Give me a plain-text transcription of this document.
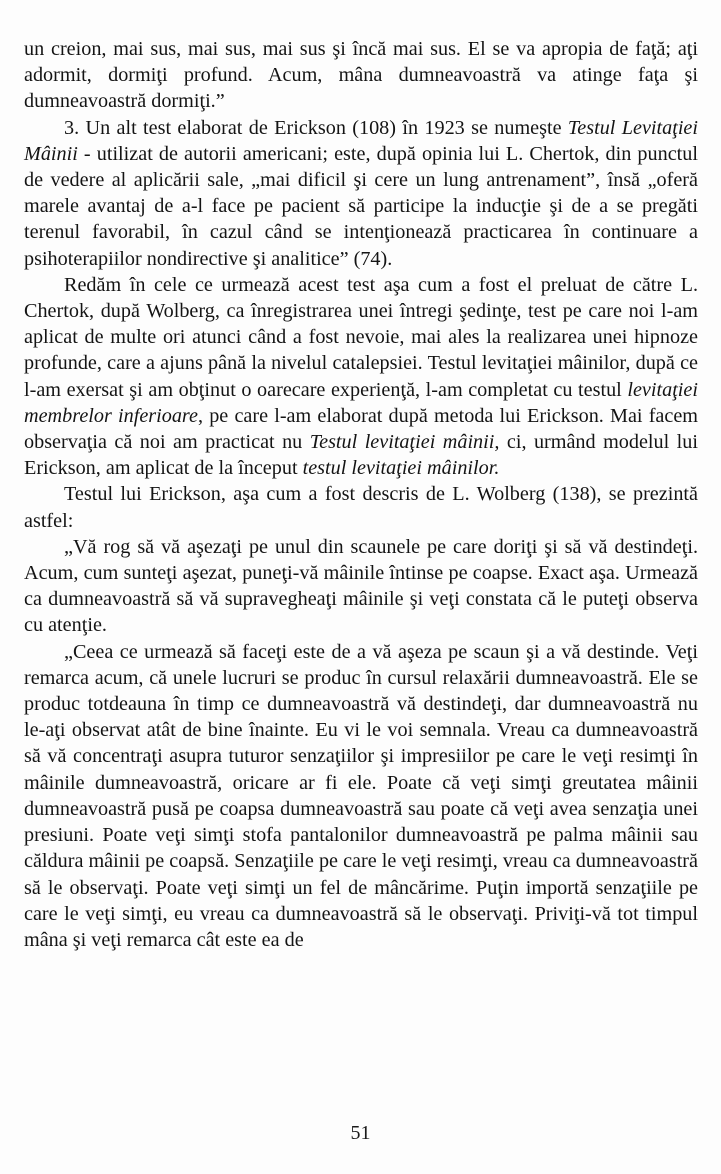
un creion, mai sus, mai sus, mai sus şi încă mai sus. El se va apropia de faţă; aţi adormit, dormiţi profund. Acum, mâna dumneavoastră va atinge faţa şi dumneavoastră dormiţi.”

3. Un alt test elaborat de Erickson (108) în 1923 se numeşte Testul Levitaţiei Mâinii - utilizat de autorii americani; este, după opinia lui L. Chertok, din punctul de vedere al aplicării sale, „mai dificil şi cere un lung antrenament”, însă „oferă marele avantaj de a-l face pe pacient să participe la inducţie şi de a se pregăti terenul favorabil, în cazul când se intenţionează practicarea în continuare a psihoterapiilor nondirective şi analitice” (74).

Redăm în cele ce urmează acest test aşa cum a fost el preluat de către L. Chertok, după Wolberg, ca înregistrarea unei întregi şedinţe, test pe care noi l-am aplicat de multe ori atunci când a fost nevoie, mai ales la realizarea unei hipnoze profunde, care a ajuns până la nivelul catalepsiei. Testul levitaţiei mâinilor, după ce l-am exersat şi am obţinut o oarecare experienţă, l-am completat cu testul levitaţiei membrelor inferioare, pe care l-am elaborat după metoda lui Erickson. Mai facem observaţia că noi am practicat nu Testul levitaţiei mâinii, ci, urmând modelul lui Erickson, am aplicat de la început testul levitaţiei mâinilor.

Testul lui Erickson, aşa cum a fost descris de L. Wolberg (138), se prezintă astfel:

„Vă rog să vă aşezaţi pe unul din scaunele pe care doriţi şi să vă destindeţi. Acum, cum sunteţi aşezat, puneţi-vă mâinile întinse pe coapse. Exact aşa. Urmează ca dumneavoastră să vă supravegheaţi mâinile şi veţi constata că le puteţi observa cu atenţie.

„Ceea ce urmează să faceţi este de a vă aşeza pe scaun şi a vă destinde. Veţi remarca acum, că unele lucruri se produc în cursul relaxării dumneavoastră. Ele se produc totdeauna în timp ce dumneavoastră vă destindeţi, dar dumneavoastră nu le-aţi observat atât de bine înainte. Eu vi le voi semnala. Vreau ca dumneavoastră să vă concentraţi asupra tuturor senzaţiilor şi impresiilor pe care le veţi resimţi în mâinile dumneavoastră, oricare ar fi ele. Poate că veţi simţi greutatea mâinii dumneavoastră pusă pe coapsa dumneavoastră sau poate că veţi avea senzaţia unei presiuni. Poate veţi simţi stofa pantalonilor dumneavoastră pe palma mâinii sau căldura mâinii pe coapsă. Senzaţiile pe care le veţi resimţi, vreau ca dumneavoastră să le observaţi. Poate veţi simţi un fel de mâncărime. Puţin importă senzaţiile pe care le veţi simţi, eu vreau ca dumneavoastră să le observaţi. Priviţi-vă tot timpul mâna şi veţi remarca cât este ea de

51
